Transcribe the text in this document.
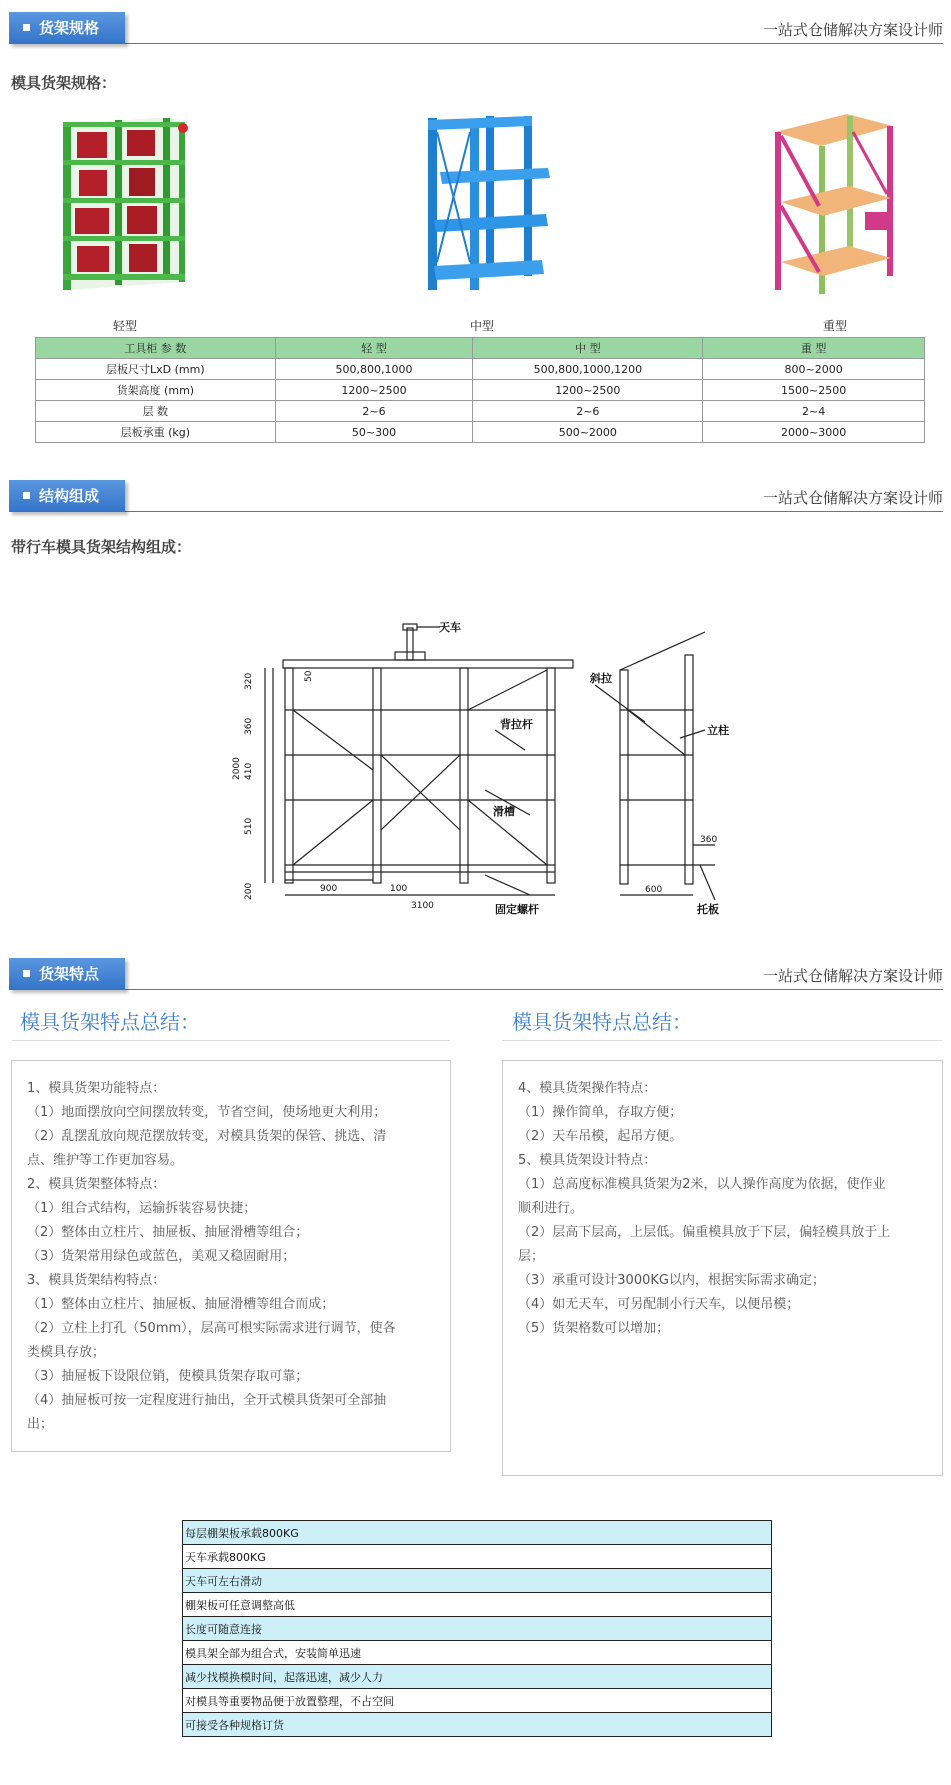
货架规格	一站式仓储解决方案设计师
模具货架规格：
轻型	中型	重型
工具柜 参 数	轻 型	中 型	重 型
层板尺寸LxD (mm)	500,800,1000	500,800,1000,1200	800~2000
货架高度 (mm)	1200~2500	1200~2500	1500~2500
层 数	2~6	2~6	2~4
层板承重 (kg)	50~300	500~2000	2000~3000
结构组成	一站式仓储解决方案设计师
带行车模具货架结构组成：
天车
斜拉
背拉杆	立柱
滑槽
固定螺杆	托板
320	50
360
2000 410
510
200	900	100
3100
360
600
货架特点	一站式仓储解决方案设计师
模具货架特点总结：	模具货架特点总结：
1、模具货架功能特点：
（1）地面摆放向空间摆放转变，节省空间，使场地更大利用；
（2）乱摆乱放向规范摆放转变，对模具货架的保管、挑选、清
点、维护等工作更加容易。
2、模具货架整体特点：
（1）组合式结构，运输拆装容易快捷；
（2）整体由立柱片、抽屉板、抽屉滑槽等组合；
（3）货架常用绿色或蓝色，美观又稳固耐用；
3、模具货架结构特点：
（1）整体由立柱片、抽屉板、抽屉滑槽等组合而成；
（2）立柱上打孔（50mm），层高可根实际需求进行调节，使各
类模具存放；
（3）抽屉板下设限位销，使模具货架存取可靠；
（4）抽屉板可按一定程度进行抽出，全开式模具货架可全部抽
出；
4、模具货架操作特点：
（1）操作简单，存取方便；
（2）天车吊模，起吊方便。
5、模具货架设计特点：
（1）总高度标准模具货架为2米，以人操作高度为依据，使作业
顺利进行。
（2）层高下层高，上层低。偏重模具放于下层，偏轻模具放于上
层；
（3）承重可设计3000KG以内，根据实际需求确定；
（4）如无天车，可另配制小行天车，以便吊模；
（5）货架格数可以增加；
每层棚架板承载800KG
天车承载800KG
天车可左右滑动
棚架板可任意调整高低
长度可随意连接
模具架全部为组合式，安装简单迅速
减少找模换模时间，起落迅速，减少人力
对模具等重要物品便于放置整理，不占空间
可接受各种规格订货
